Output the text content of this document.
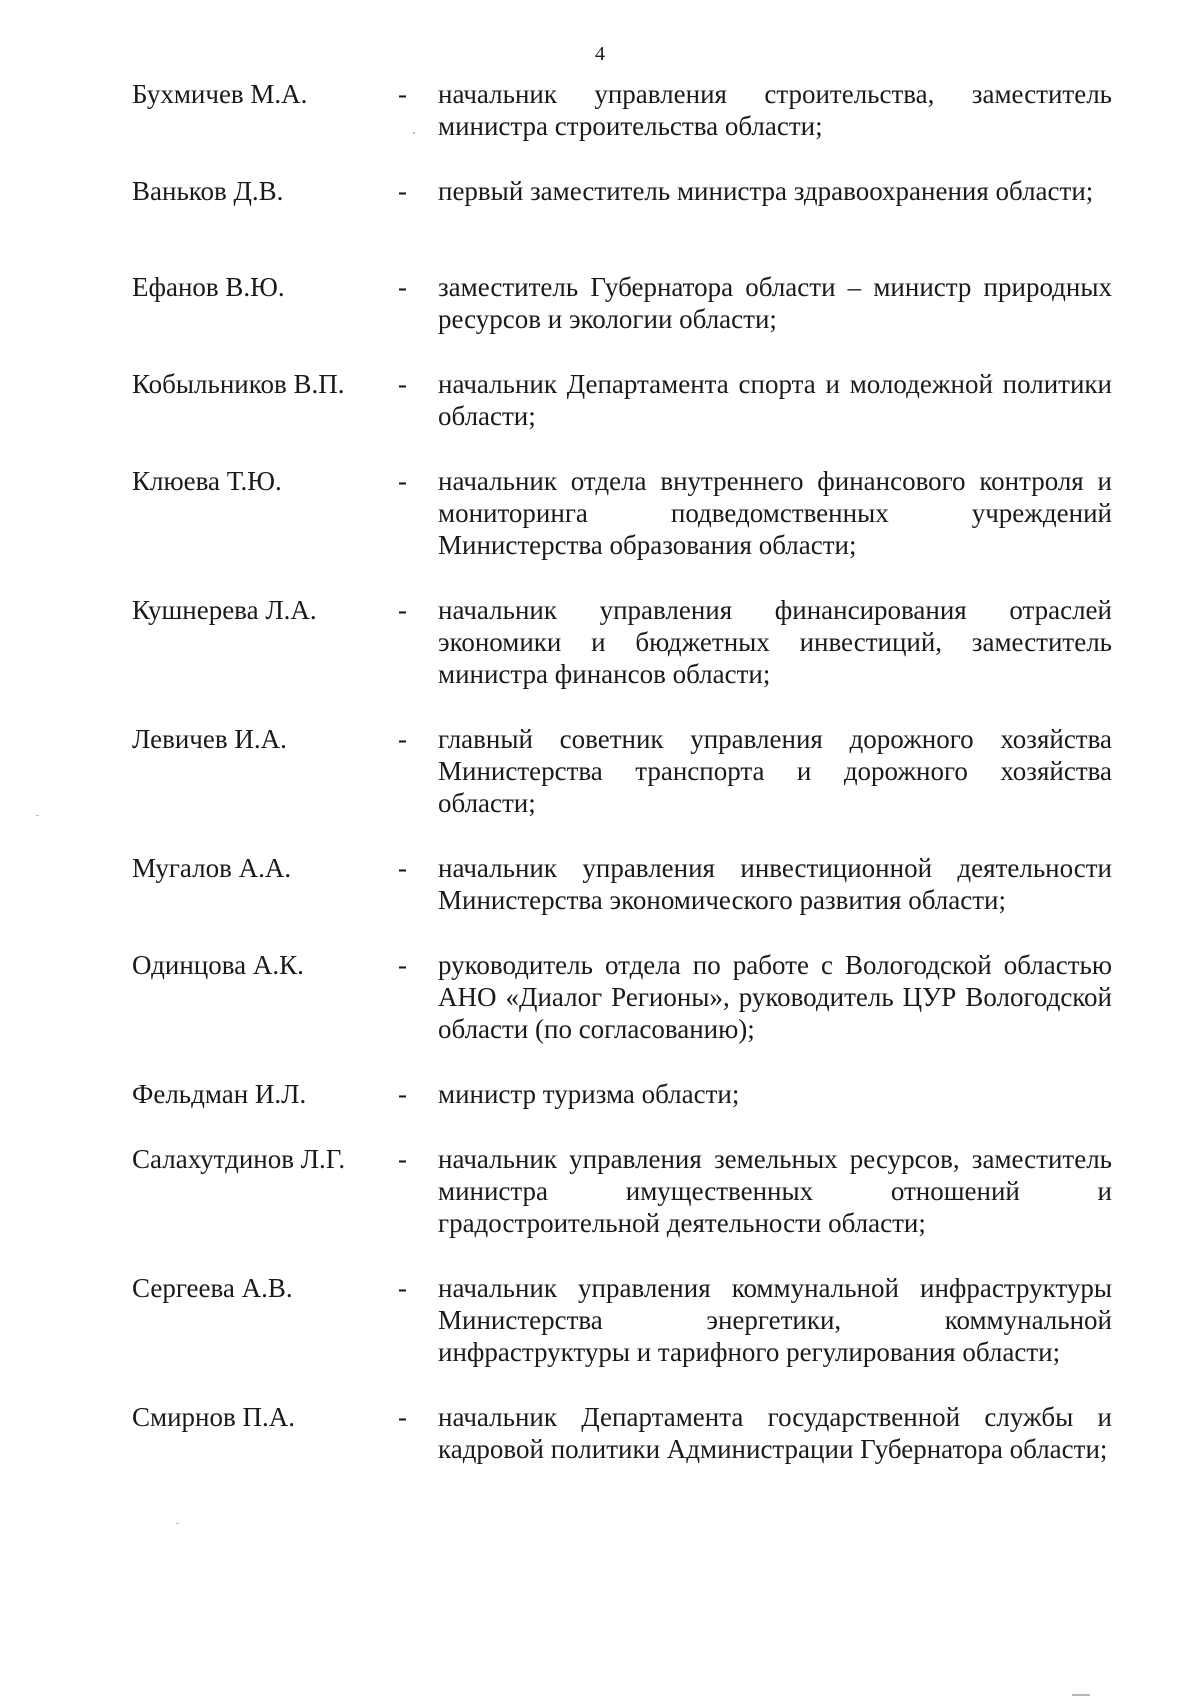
4
Бухмичев М.А.	- начальник управления строительства, заместитель министра строительства области;
Ваньков Д.В.	- первый заместитель министра здравоохранения области;
Ефанов В.Ю.	- заместитель Губернатора области – министр природных ресурсов и экологии области;
Кобыльников В.П. - начальник Департамента спорта и молодежной политики области;
Клюева Т.Ю.	- начальник отдела внутреннего финансового контроля и мониторинга подведомственных учреждений Министерства образования области;
Кушнерева Л.А.	- начальник управления финансирования отраслей экономики и бюджетных инвестиций, заместитель министра финансов области;
Левичев И.А.	- главный советник управления дорожного хозяйства Министерства транспорта и дорожного хозяйства области;
Мугалов А.А.	- начальник управления инвестиционной деятельности Министерства экономического развития области;
Одинцова А.К.	- руководитель отдела по работе с Вологодской областью АНО «Диалог Регионы», руководитель ЦУР Вологодской области (по согласованию);
Фельдман И.Л.	- министр туризма области;
Салахутдинов Л.Г. - начальник управления земельных ресурсов, заместитель министра имущественных отношений и градостроительной деятельности области;
Сергеева А.В.	- начальник управления коммунальной инфраструктуры Министерства энергетики, коммунальной инфраструктуры и тарифного регулирования области;
Смирнов П.А.	- начальник Департамента государственной службы и кадровой политики Администрации Губернатора области;
